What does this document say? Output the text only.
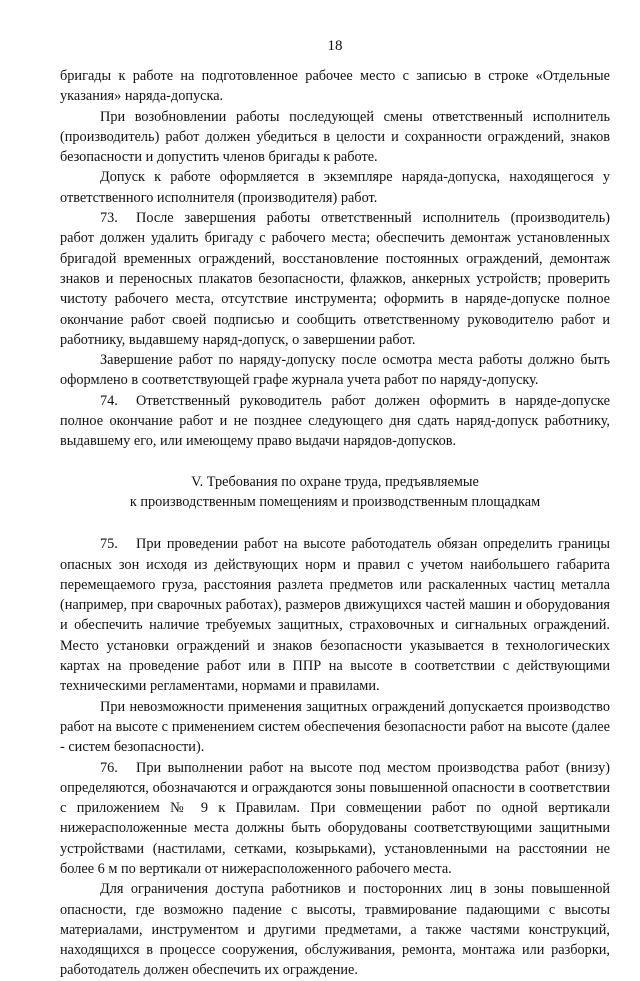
18

бригады к работе на подготовленное рабочее место с записью в строке «Отдельные указания» наряда-допуска.

При возобновлении работы последующей смены ответственный исполнитель (производитель) работ должен убедиться в целости и сохранности ограждений, знаков безопасности и допустить членов бригады к работе.

Допуск к работе оформляется в экземпляре наряда-допуска, находящегося у ответственного исполнителя (производителя) работ.

73. После завершения работы ответственный исполнитель (производитель) работ должен удалить бригаду с рабочего места; обеспечить демонтаж установленных бригадой временных ограждений, восстановление постоянных ограждений, демонтаж знаков и переносных плакатов безопасности, флажков, анкерных устройств; проверить чистоту рабочего места, отсутствие инструмента; оформить в наряде-допуске полное окончание работ своей подписью и сообщить ответственному руководителю работ и работнику, выдавшему наряд-допуск, о завершении работ.

Завершение работ по наряду-допуску после осмотра места работы должно быть оформлено в соответствующей графе журнала учета работ по наряду-допуску.

74. Ответственный руководитель работ должен оформить в наряде-допуске полное окончание работ и не позднее следующего дня сдать наряд-допуск работнику, выдавшему его, или имеющему право выдачи нарядов-допусков.

V. Требования по охране труда, предъявляемые
к производственным помещениям и производственным площадкам

75. При проведении работ на высоте работодатель обязан определить границы опасных зон исходя из действующих норм и правил с учетом наибольшего габарита перемещаемого груза, расстояния разлета предметов или раскаленных частиц металла (например, при сварочных работах), размеров движущихся частей машин и оборудования и обеспечить наличие требуемых защитных, страховочных и сигнальных ограждений. Место установки ограждений и знаков безопасности указывается в технологических картах на проведение работ или в ППР на высоте в соответствии с действующими техническими регламентами, нормами и правилами.

При невозможности применения защитных ограждений допускается производство работ на высоте с применением систем обеспечения безопасности работ на высоте (далее - систем безопасности).

76. При выполнении работ на высоте под местом производства работ (внизу) определяются, обозначаются и ограждаются зоны повышенной опасности в соответствии с приложением № 9 к Правилам. При совмещении работ по одной вертикали нижерасположенные места должны быть оборудованы соответствующими защитными устройствами (настилами, сетками, козырьками), установленными на расстоянии не более 6 м по вертикали от нижерасположенного рабочего места.

Для ограничения доступа работников и посторонних лиц в зоны повышенной опасности, где возможно падение с высоты, травмирование падающими с высоты материалами, инструментом и другими предметами, а также частями конструкций, находящихся в процессе сооружения, обслуживания, ремонта, монтажа или разборки, работодатель должен обеспечить их ограждение.
